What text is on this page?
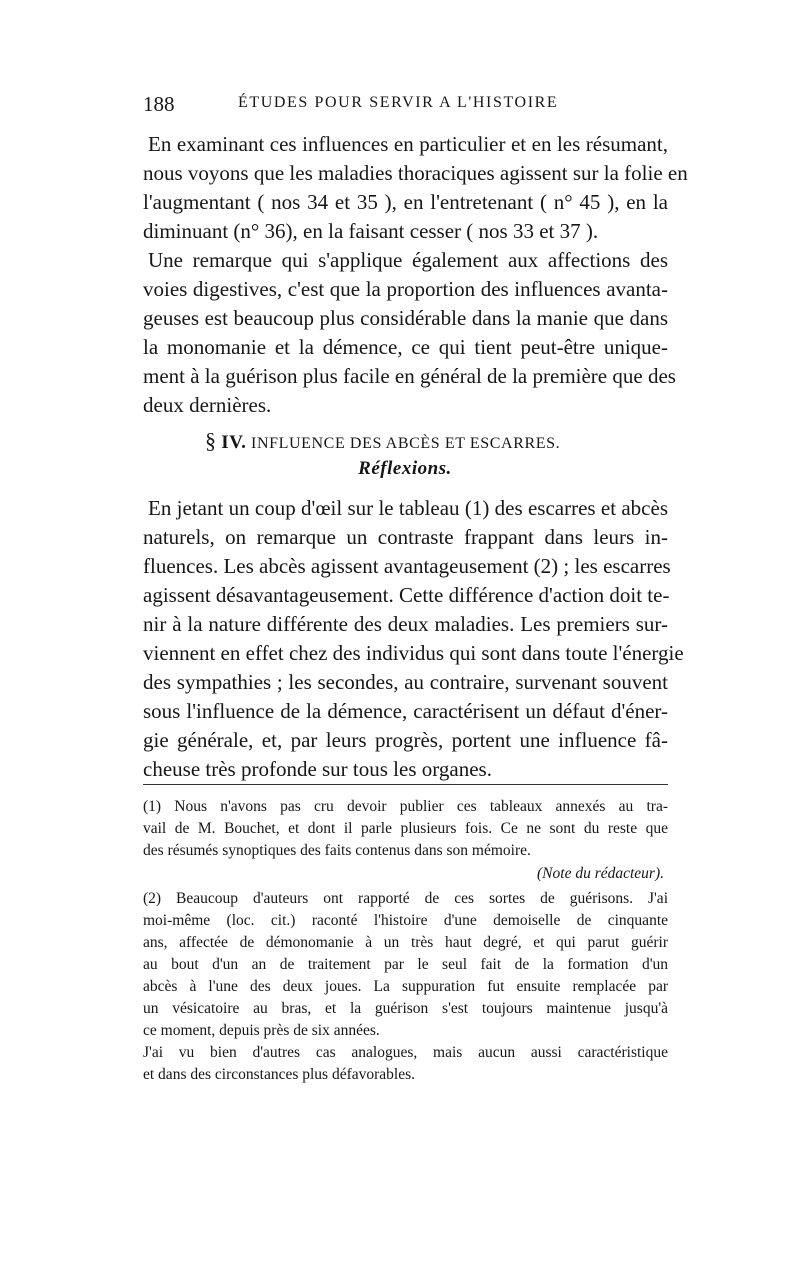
188	ÉTUDES POUR SERVIR A L'HISTOIRE
En examinant ces influences en particulier et en les résumant,
nous voyons que les maladies thoraciques agissent sur la folie en
l'augmentant ( nos 34 et 35 ), en l'entretenant ( n° 45 ), en la
diminuant (n° 36), en la faisant cesser ( nos 33 et 37 ).
Une remarque qui s'applique également aux affections des
voies digestives, c'est que la proportion des influences avanta-
geuses est beaucoup plus considérable dans la manie que dans
la monomanie et la démence, ce qui tient peut-être unique-
ment à la guérison plus facile en général de la première que des
deux dernières.
§ IV. INFLUENCE DES ABCÈS ET ESCARRES.
Réflexions.
En jetant un coup d'œil sur le tableau (1) des escarres et abcès
naturels, on remarque un contraste frappant dans leurs in-
fluences. Les abcès agissent avantageusement (2) ; les escarres
agissent désavantageusement. Cette différence d'action doit te-
nir à la nature différente des deux maladies. Les premiers sur-
viennent en effet chez des individus qui sont dans toute l'énergie
des sympathies ; les secondes, au contraire, survenant souvent
sous l'influence de la démence, caractérisent un défaut d'éner-
gie générale, et, par leurs progrès, portent une influence fâ-
cheuse très profonde sur tous les organes.
(1) Nous n'avons pas cru devoir publier ces tableaux annexés au tra-
vail de M. Bouchet, et dont il parle plusieurs fois. Ce ne sont du reste que
des résumés synoptiques des faits contenus dans son mémoire.
(Note du rédacteur).
(2) Beaucoup d'auteurs ont rapporté de ces sortes de guérisons. J'ai
moi-même (loc. cit.) raconté l'histoire d'une demoiselle de cinquante
ans, affectée de démonomanie à un très haut degré, et qui parut guérir
au bout d'un an de traitement par le seul fait de la formation d'un
abcès à l'une des deux joues. La suppuration fut ensuite remplacée par
un vésicatoire au bras, et la guérison s'est toujours maintenue jusqu'à
ce moment, depuis près de six années.
J'ai vu bien d'autres cas analogues, mais aucun aussi caractéristique
et dans des circonstances plus défavorables.
